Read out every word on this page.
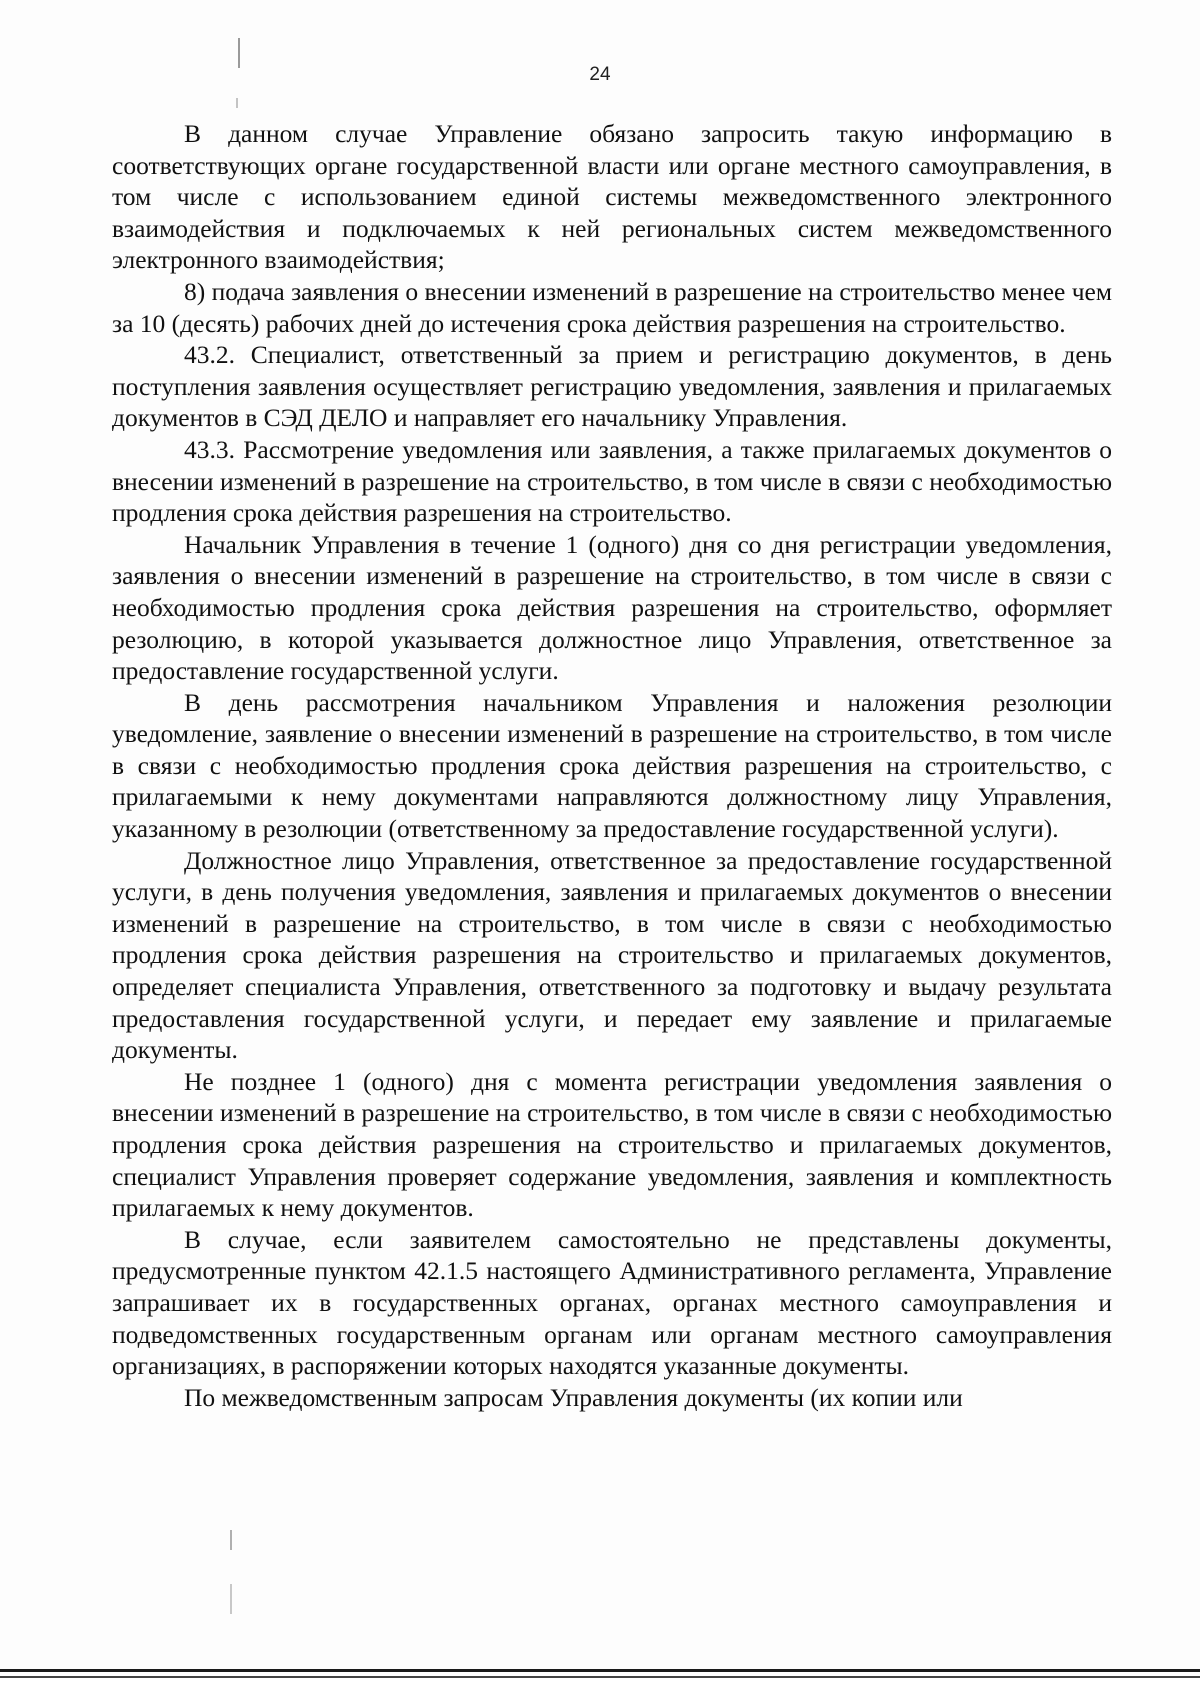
24

В данном случае Управление обязано запросить такую информацию в соответствующих органе государственной власти или органе местного самоуправления, в том числе с использованием единой системы межведомственного электронного взаимодействия и подключаемых к ней региональных систем межведомственного электронного взаимодействия;

8) подача заявления о внесении изменений в разрешение на строительство менее чем за 10 (десять) рабочих дней до истечения срока действия разрешения на строительство.

43.2. Специалист, ответственный за прием и регистрацию документов, в день поступления заявления осуществляет регистрацию уведомления, заявления и прилагаемых документов в СЭД ДЕЛО и направляет его начальнику Управления.

43.3. Рассмотрение уведомления или заявления, а также прилагаемых документов о внесении изменений в разрешение на строительство, в том числе в связи с необходимостью продления срока действия разрешения на строительство.

Начальник Управления в течение 1 (одного) дня со дня регистрации уведомления, заявления о внесении изменений в разрешение на строительство, в том числе в связи с необходимостью продления срока действия разрешения на строительство, оформляет резолюцию, в которой указывается должностное лицо Управления, ответственное за предоставление государственной услуги.

В день рассмотрения начальником Управления и наложения резолюции уведомление, заявление о внесении изменений в разрешение на строительство, в том числе в связи с необходимостью продления срока действия разрешения на строительство, с прилагаемыми к нему документами направляются должностному лицу Управления, указанному в резолюции (ответственному за предоставление государственной услуги).

Должностное лицо Управления, ответственное за предоставление государственной услуги, в день получения уведомления, заявления и прилагаемых документов о внесении изменений в разрешение на строительство, в том числе в связи с необходимостью продления срока действия разрешения на строительство и прилагаемых документов, определяет специалиста Управления, ответственного за подготовку и выдачу результата предоставления государственной услуги, и передает ему заявление и прилагаемые документы.

Не позднее 1 (одного) дня с момента регистрации уведомления заявления о внесении изменений в разрешение на строительство, в том числе в связи с необходимостью продления срока действия разрешения на строительство и прилагаемых документов, специалист Управления проверяет содержание уведомления, заявления и комплектность прилагаемых к нему документов.

В случае, если заявителем самостоятельно не представлены документы, предусмотренные пунктом 42.1.5 настоящего Административного регламента, Управление запрашивает их в государственных органах, органах местного самоуправления и подведомственных государственным органам или органам местного самоуправления организациях, в распоряжении которых находятся указанные документы.

По межведомственным запросам Управления документы (их копии или
